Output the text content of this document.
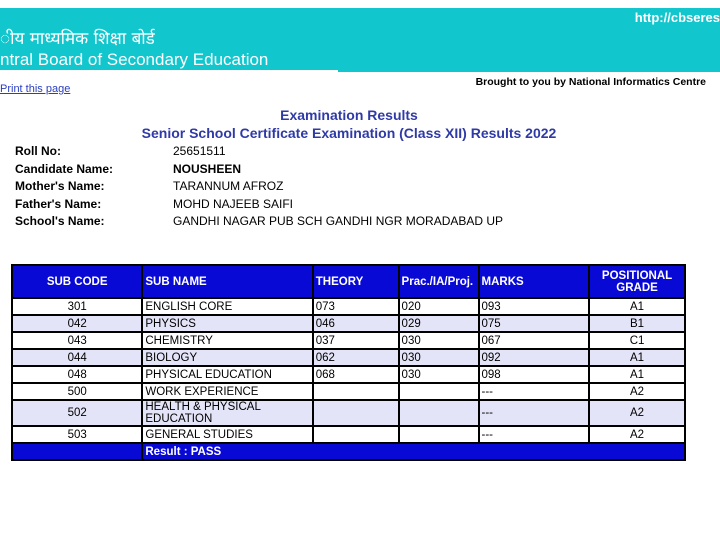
ीय माध्यमिक शिक्षा बोर्ड
ntral Board of Secondary Education
http://cbseres
Brought to you by National Informatics Centre
Print this page
Examination Results
Senior School Certificate Examination (Class XII) Results 2022
Roll No:	25651511
Candidate Name:	NOUSHEEN
Mother's Name:	TARANNUM AFROZ
Father's Name:	MOHD NAJEEB SAIFI
School's Name:	GANDHI NAGAR PUB SCH GANDHI NGR MORADABAD UP
SUB CODE	SUB NAME	THEORY	Prac./IA/Proj.	MARKS	POSITIONAL GRADE
301	ENGLISH CORE	073	020	093	A1
042	PHYSICS	046	029	075	B1
043	CHEMISTRY	037	030	067	C1
044	BIOLOGY	062	030	092	A1
048	PHYSICAL EDUCATION	068	030	098	A1
500	WORK EXPERIENCE			---	A2
502	HEALTH & PHYSICAL EDUCATION			---	A2
503	GENERAL STUDIES			---	A2
	Result : PASS				
